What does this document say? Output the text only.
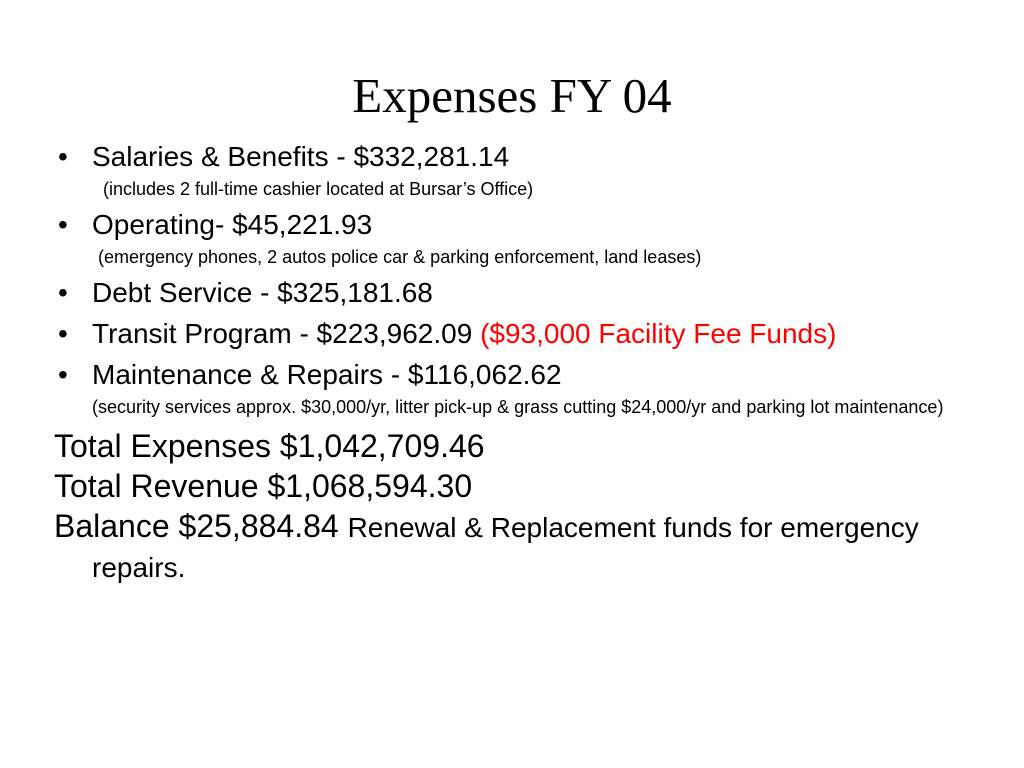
Expenses FY 04
• Salaries & Benefits - $332,281.14
(includes 2 full-time cashier located at Bursar’s Office)
• Operating- $45,221.93
(emergency phones, 2 autos police car & parking enforcement, land leases)
• Debt Service - $325,181.68
• Transit Program - $223,962.09 ($93,000 Facility Fee Funds)
• Maintenance & Repairs - $116,062.62
(security services approx. $30,000/yr, litter pick-up & grass cutting $24,000/yr and parking lot maintenance)
Total Expenses $1,042,709.46
Total Revenue $1,068,594.30
Balance $25,884.84 Renewal & Replacement funds for emergency repairs.
